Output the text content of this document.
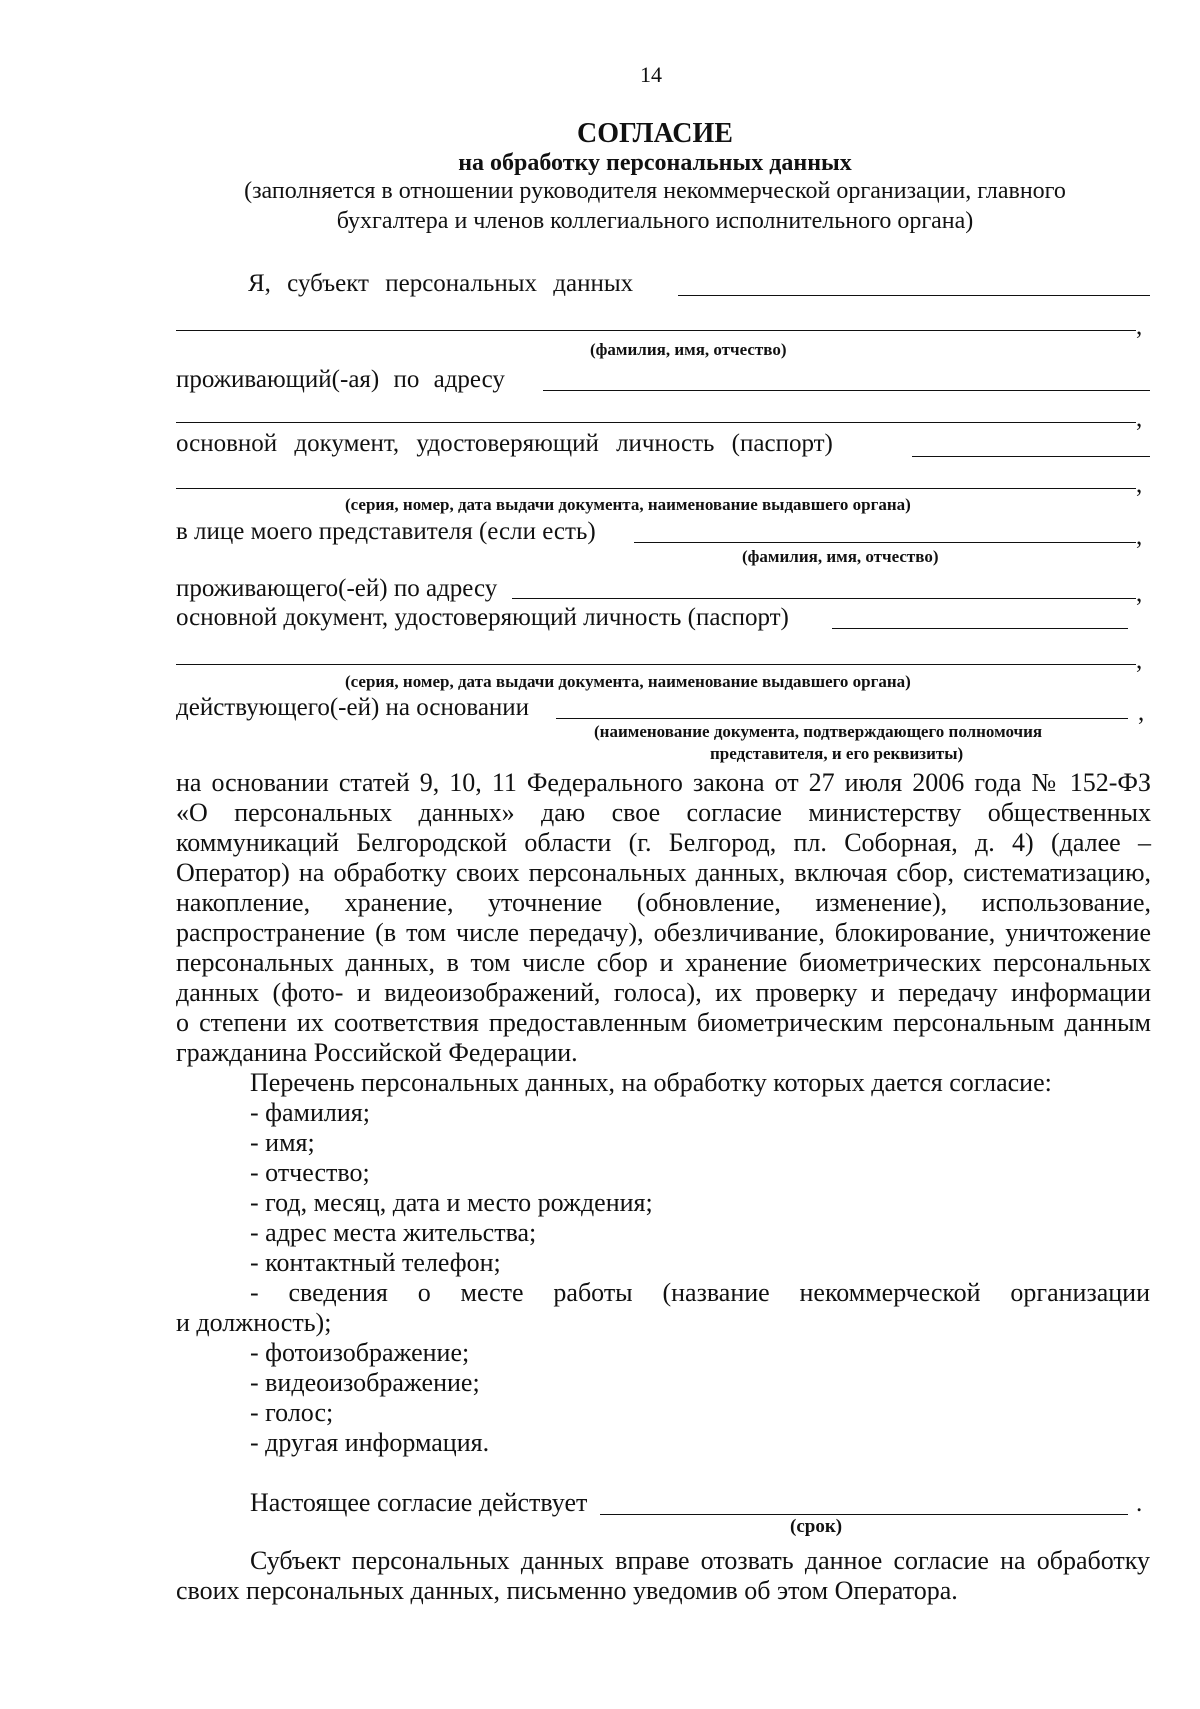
14
СОГЛАСИЕ
на обработку персональных данных
(заполняется в отношении руководителя некоммерческой организации, главного
бухгалтера и членов коллегиального исполнительного органа)
Я, субъект персональных данных
,
(фамилия, имя, отчество)
проживающий(-ая) по адресу
,
основной документ, удостоверяющий личность (паспорт)
,
(серия, номер, дата выдачи документа, наименование выдавшего органа)
в лице моего представителя (если есть)	,
(фамилия, имя, отчество)
проживающего(-ей) по адресу	,
основной документ, удостоверяющий личность (паспорт)
,
(серия, номер, дата выдачи документа, наименование выдавшего органа)
действующего(-ей) на основании	,
(наименование документа, подтверждающего полномочия
представителя, и его реквизиты)
на основании статей 9, 10, 11 Федерального закона от 27 июля 2006 года № 152-ФЗ
«О персональных данных» даю свое согласие министерству общественных
коммуникаций Белгородской области (г. Белгород, пл. Соборная, д. 4) (далее –
Оператор) на обработку своих персональных данных, включая сбор, систематизацию,
накопление, хранение, уточнение (обновление, изменение), использование,
распространение (в том числе передачу), обезличивание, блокирование, уничтожение
персональных данных, в том числе сбор и хранение биометрических персональных
данных (фото- и видеоизображений, голоса), их проверку и передачу информации
о степени их соответствия предоставленным биометрическим персональным данным
гражданина Российской Федерации.
Перечень персональных данных, на обработку которых дается согласие:
- фамилия;
- имя;
- отчество;
- год, месяц, дата и место рождения;
- адрес места жительства;
- контактный телефон;
- сведения о месте работы (название некоммерческой организации
и должность);
- фотоизображение;
- видеоизображение;
- голос;
- другая информация.
Настоящее согласие действует	.
(срок)
Субъект персональных данных вправе отозвать данное согласие на обработку
своих персональных данных, письменно уведомив об этом Оператора.
